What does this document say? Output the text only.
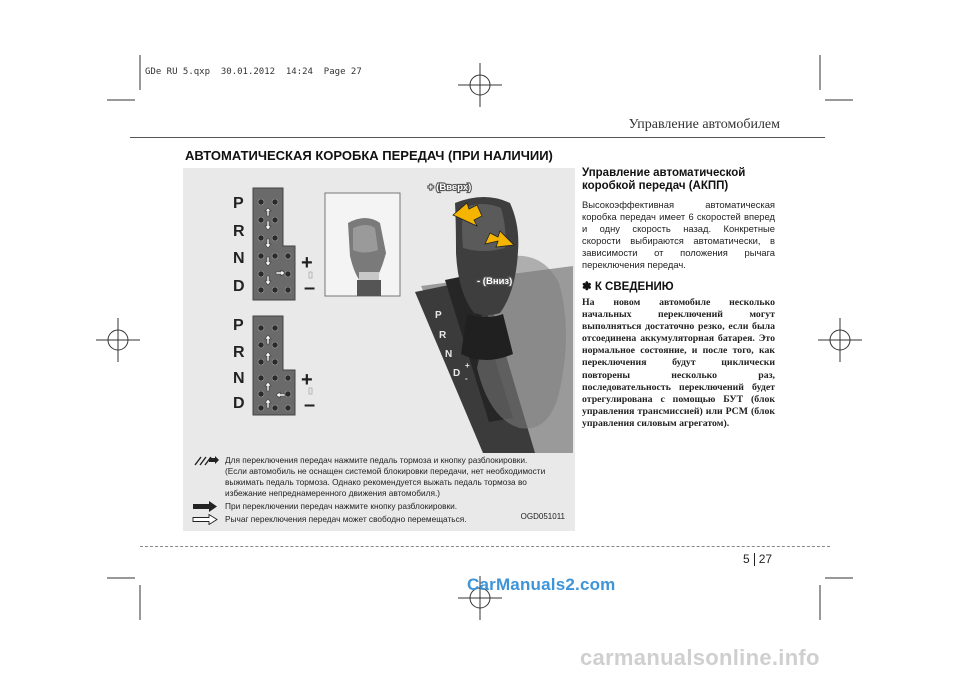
GDe RU 5.qxp  30.01.2012  14:24  Page 27
Управление автомобилем
АВТОМАТИЧЕСКАЯ КОРОБКА ПЕРЕДАЧ (ПРИ НАЛИЧИИ)
P
R
N
D
P
R
N
D
+
–
+
–
P
R
N
D
+
-
+ (Вверх)
- (Вниз)

Для переключения передач нажмите педаль тормоза и кнопку разблокировки.

(Если автомобиль не оснащен системой блокировки передачи, нет необходимости

выжимать педаль тормоза. Однако рекомендуется выжать педаль тормоза во

избежание непреднамеренного движения автомобиля.)

При переключении передач нажмите кнопку разблокировки.

Рычаг переключения передач может свободно перемещаться.	OGD051011

Управление автоматической коробкой передач (АКПП)

Высокоэффективная автоматическая коробка передач имеет 6 скоростей вперед и одну скорость назад. Конкретные скорости выбираются автоматически, в зависимости от положения рычага переключения передач.

✽ К СВЕДЕНИЮ

На новом автомобиле несколько начальных переключений могут выполняться достаточно резко, если была отсоединена аккумуляторная батарея. Это нормальное состояние, и после того, как переключения будут циклически повторены несколько раз, последовательность переключений будет отрегулирована с помощью БУТ (блок управления трансмиссией) или PCM (блок управления силовым агрегатом).

5 27
CarManuals2.com
carmanualsonline.info
